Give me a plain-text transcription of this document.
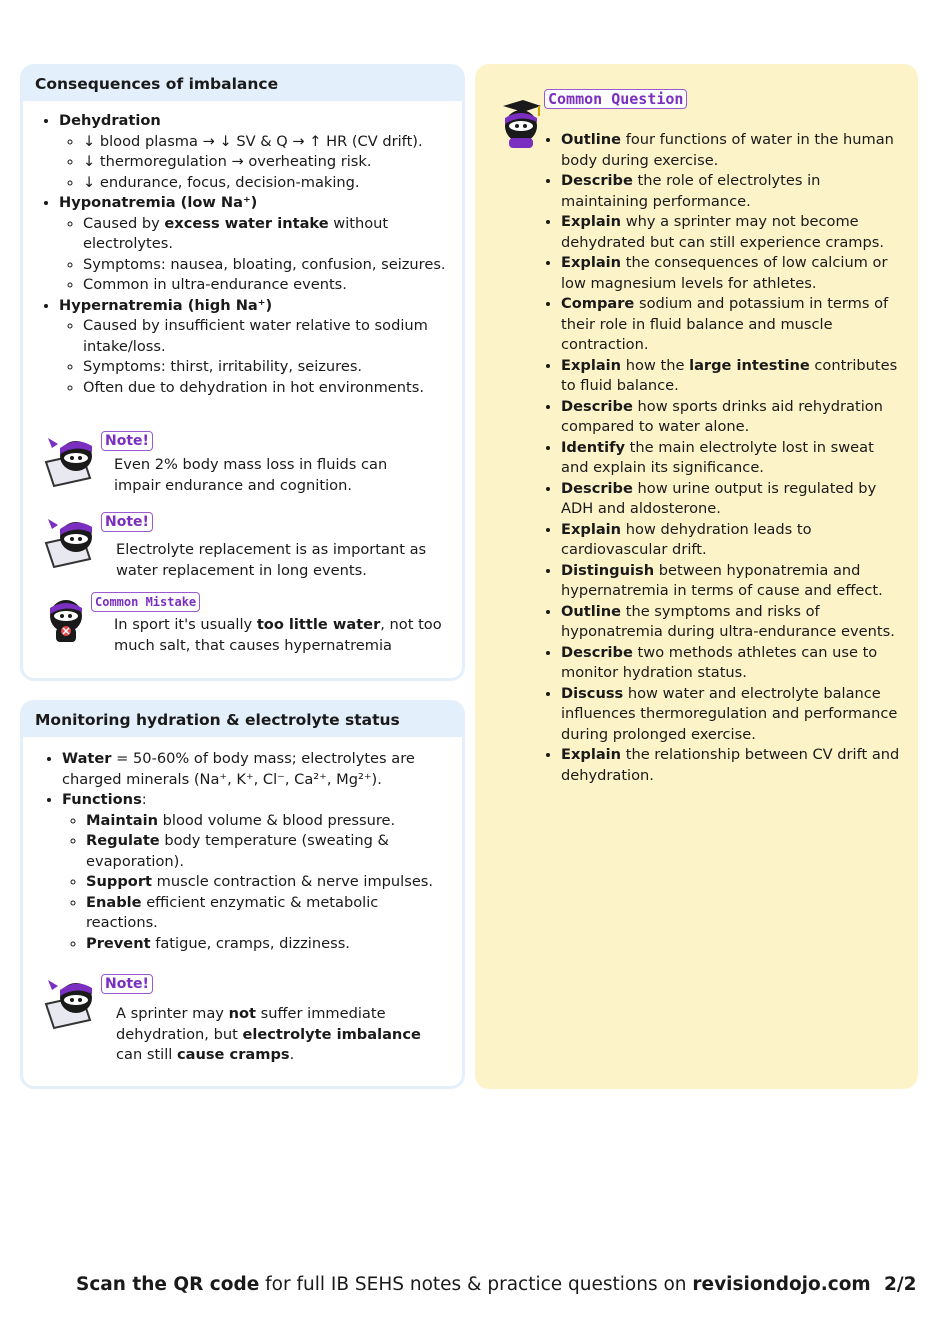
Consequences of imbalance
• Dehydration
◦ ↓ blood plasma → ↓ SV & Q → ↑ HR (CV drift).
◦ ↓ thermoregulation → overheating risk.
◦ ↓ endurance, focus, decision-making.
• Hyponatremia (low Na⁺)
◦ Caused by excess water intake without electrolytes.
◦ Symptoms: nausea, bloating, confusion, seizures.
◦ Common in ultra-endurance events.
• Hypernatremia (high Na⁺)
◦ Caused by insufficient water relative to sodium intake/loss.
◦ Symptoms: thirst, irritability, seizures.
◦ Often due to dehydration in hot environments.
Note!
Even 2% body mass loss in fluids can impair endurance and cognition.
Note!
Electrolyte replacement is as important as water replacement in long events.
Common Mistake
In sport it's usually too little water, not too much salt, that causes hypernatremia
Monitoring hydration & electrolyte status
• Water = 50-60% of body mass; electrolytes are charged minerals (Na⁺, K⁺, Cl⁻, Ca²⁺, Mg²⁺).
• Functions:
◦ Maintain blood volume & blood pressure.
◦ Regulate body temperature (sweating & evaporation).
◦ Support muscle contraction & nerve impulses.
◦ Enable efficient enzymatic & metabolic reactions.
◦ Prevent fatigue, cramps, dizziness.
Note!
A sprinter may not suffer immediate dehydration, but electrolyte imbalance can still cause cramps.
Common Question
• Outline four functions of water in the human body during exercise.
• Describe the role of electrolytes in maintaining performance.
• Explain why a sprinter may not become dehydrated but can still experience cramps.
• Explain the consequences of low calcium or low magnesium levels for athletes.
• Compare sodium and potassium in terms of their role in fluid balance and muscle contraction.
• Explain how the large intestine contributes to fluid balance.
• Describe how sports drinks aid rehydration compared to water alone.
• Identify the main electrolyte lost in sweat and explain its significance.
• Describe how urine output is regulated by ADH and aldosterone.
• Explain how dehydration leads to cardiovascular drift.
• Distinguish between hyponatremia and hypernatremia in terms of cause and effect.
• Outline the symptoms and risks of hyponatremia during ultra-endurance events.
• Describe two methods athletes can use to monitor hydration status.
• Discuss how water and electrolyte balance influences thermoregulation and performance during prolonged exercise.
• Explain the relationship between CV drift and dehydration.
Scan the QR code for full IB SEHS notes & practice questions on revisiondojo.com 2/2
